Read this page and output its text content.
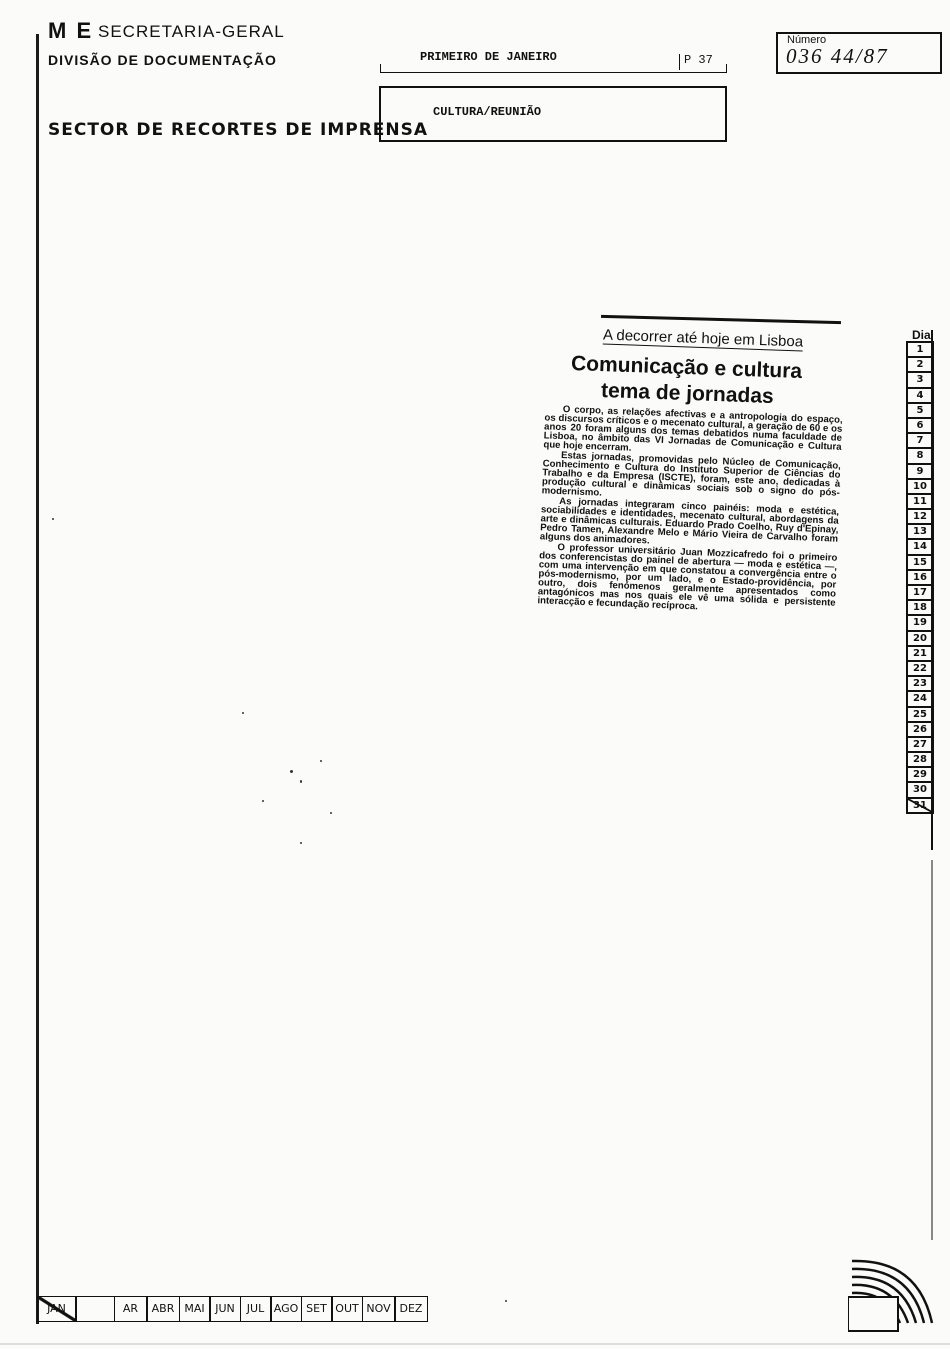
M E SECRETARIA-GERAL
DIVISÃO DE DOCUMENTAÇÃO
SECTOR DE RECORTES DE IMPRENSA
PRIMEIRO DE JANEIRO	P 37
CULTURA/REUNIÃO
Número
036 44/87
A decorrer até hoje em Lisboa
Comunicação e cultura
tema de jornadas

O corpo, as relações afectivas e a antropologia do espaço, os discursos críticos e o mecenato cultural, a geração de 60 e os anos 20 foram alguns dos temas debatidos numa faculdade de Lisboa, no âmbito das VI Jornadas de Comunicação e Cultura que hoje encerram.

Estas jornadas, promovidas pelo Núcleo de Comunicação, Conhecimento e Cultura do Instituto Superior de Ciências do Trabalho e da Empresa (ISCTE), foram, este ano, dedicadas à produção cultural e dinâmicas sociais sob o signo do pós-modernismo.

As jornadas integraram cinco painéis: moda e estética, sociabilidades e identidades, mecenato cultural, abordagens da arte e dinâmicas culturais. Eduardo Prado Coelho, Ruy d'Epinay, Pedro Tamen, Alexandre Melo e Mário Vieira de Carvalho foram alguns dos animadores.

O professor universitário Juan Mozzicafredo foi o primeiro dos conferencistas do painel de abertura — moda e estética —, com uma intervenção em que constatou a convergência entre o pós-modernismo, por um lado, e o Estado-providência, por outro, dois fenómenos geralmente apresentados como antagónicos mas nos quais ele vê uma sólida e persistente interacção e fecundação recíproca.

Dia
1
2
3
4
5
6
7
8
9
10
11
12
13
14
15
16
17
18
19
20
21
22
23
24
25
26
27
28
29
30
31
JAN	AR	ABR MAI JUN	JUL AGO SET OUT NOV DEZ
